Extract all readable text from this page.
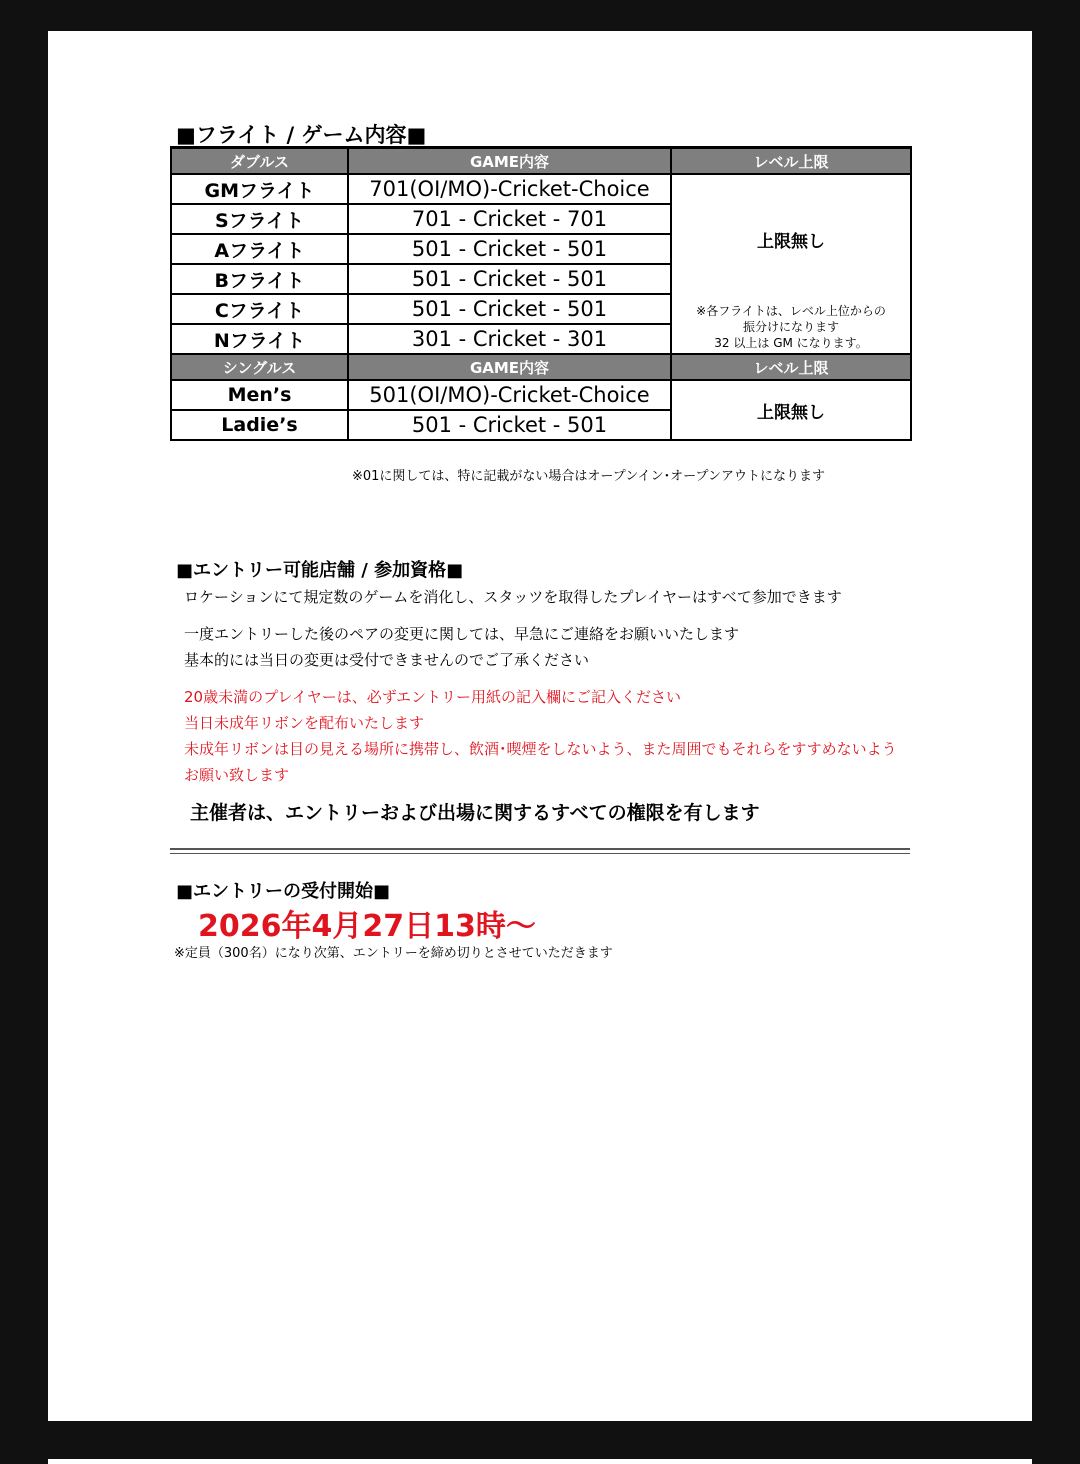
■フライト / ゲーム内容■
ダブルス	GAME内容	レベル上限
GMフライト	701(OI/MO)-Cricket-Choice	上限無し
※各フライトは、レベル上位からの
振分けになります
32 以上は GM になります。

Sフライト	701 - Cricket - 701	
Aフライト	501 - Cricket - 501	
Bフライト	501 - Cricket - 501	
Cフライト	501 - Cricket - 501	
Nフライト	301 - Cricket - 301	
シングルス	GAME内容	レベル上限
Men’s	501(OI/MO)-Cricket-Choice	上限無し
Ladie’s	501 - Cricket - 501	
※01に関しては、特に記載がない場合はオープンイン･オープンアウトになります
■エントリー可能店舗 / 参加資格■
ロケーションにて規定数のゲームを消化し、スタッツを取得したプレイヤーはすべて参加できます
一度エントリーした後のペアの変更に関しては、早急にご連絡をお願いいたします
基本的には当日の変更は受付できませんのでご了承ください
20歳未満のプレイヤーは、必ずエントリー用紙の記入欄にご記入ください
当日未成年リボンを配布いたします
未成年リボンは目の見える場所に携帯し、飲酒･喫煙をしないよう、また周囲でもそれらをすすめないよう
お願い致します
主催者は、エントリーおよび出場に関するすべての権限を有します
■エントリーの受付開始■
2026年4月27日13時～
※定員（300名）になり次第、エントリーを締め切りとさせていただきます
